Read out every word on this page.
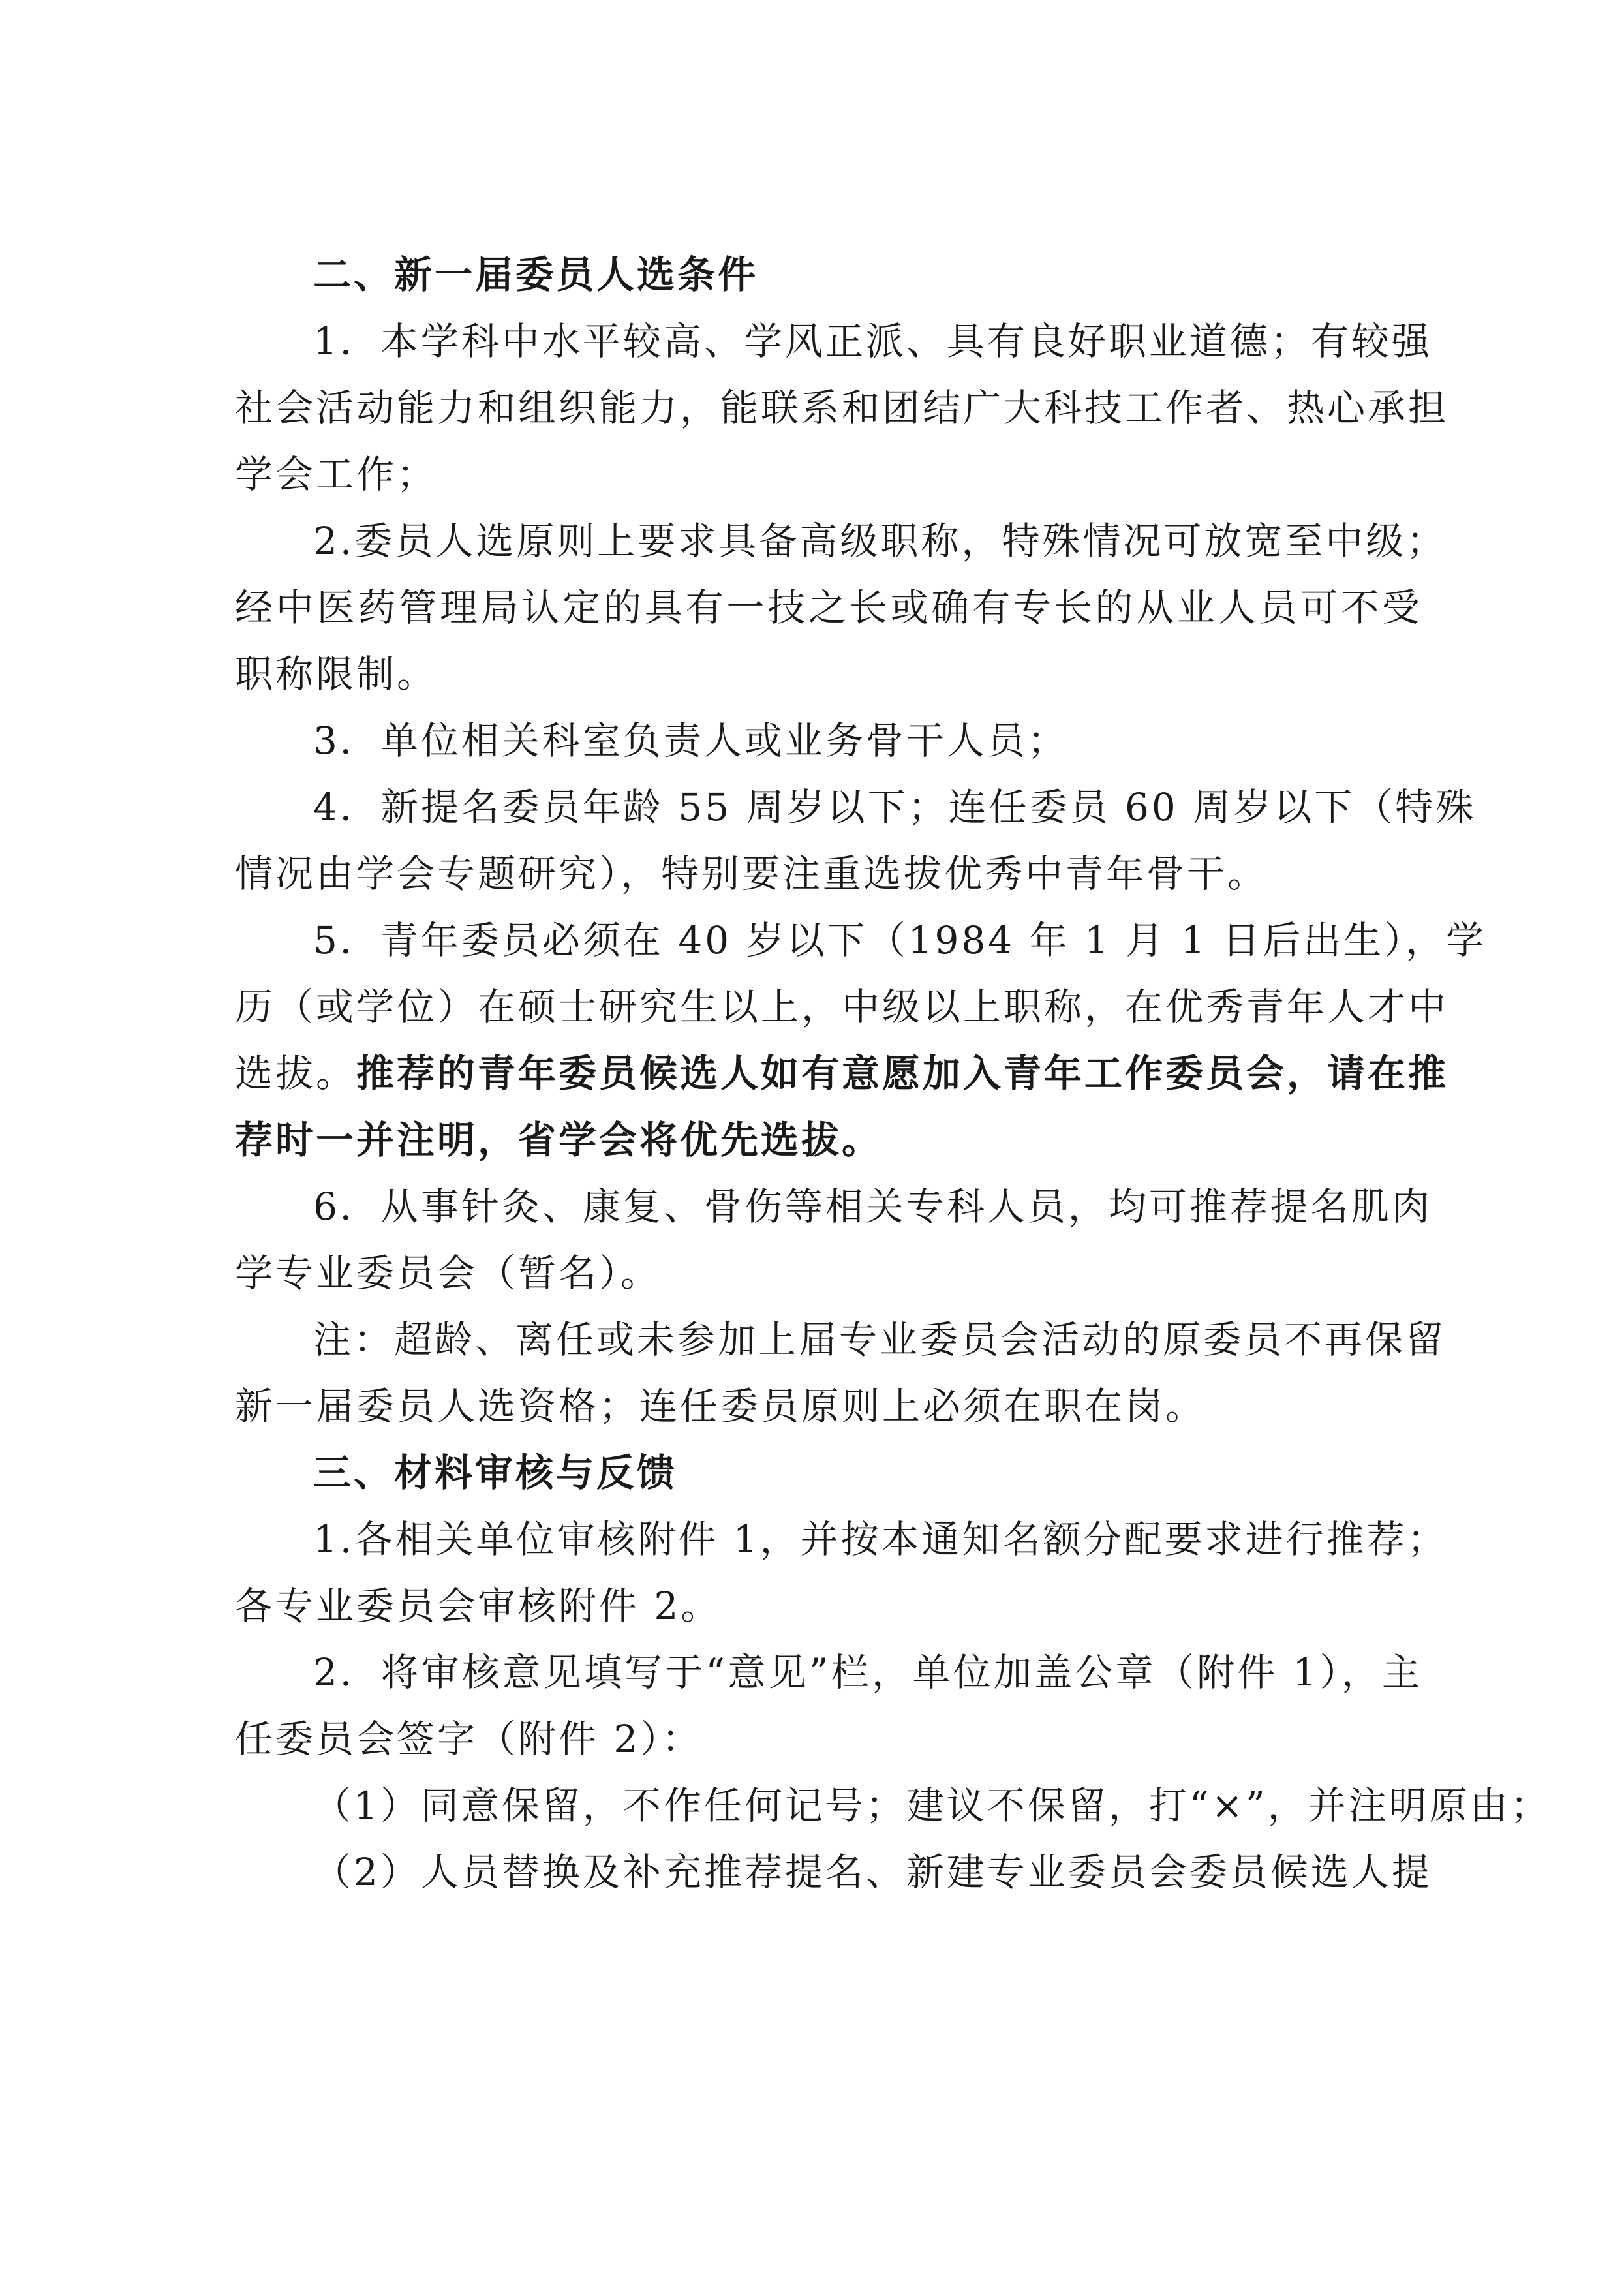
二、新一届委员人选条件
1．本学科中水平较高、学风正派、具有良好职业道德；有较强
社会活动能力和组织能力，能联系和团结广大科技工作者、热心承担
学会工作；
2.委员人选原则上要求具备高级职称，特殊情况可放宽至中级；
经中医药管理局认定的具有一技之长或确有专长的从业人员可不受
职称限制。
3．单位相关科室负责人或业务骨干人员；
4．新提名委员年龄 55 周岁以下；连任委员 60 周岁以下（特殊
情况由学会专题研究），特别要注重选拔优秀中青年骨干。
5．青年委员必须在 40 岁以下（1984 年 1 月 1 日后出生），学
历（或学位）在硕士研究生以上，中级以上职称，在优秀青年人才中
选拔。推荐的青年委员候选人如有意愿加入青年工作委员会，请在推
荐时一并注明，省学会将优先选拔。
6．从事针灸、康复、骨伤等相关专科人员，均可推荐提名肌肉
学专业委员会（暂名）。
注：超龄、离任或未参加上届专业委员会活动的原委员不再保留
新一届委员人选资格；连任委员原则上必须在职在岗。
三、材料审核与反馈
1.各相关单位审核附件 1，并按本通知名额分配要求进行推荐；
各专业委员会审核附件 2。
2．将审核意见填写于“意见”栏，单位加盖公章（附件 1），主
任委员会签字（附件 2）：
（1）同意保留，不作任何记号；建议不保留，打“×”，并注明原由；
（2）人员替换及补充推荐提名、新建专业委员会委员候选人提
